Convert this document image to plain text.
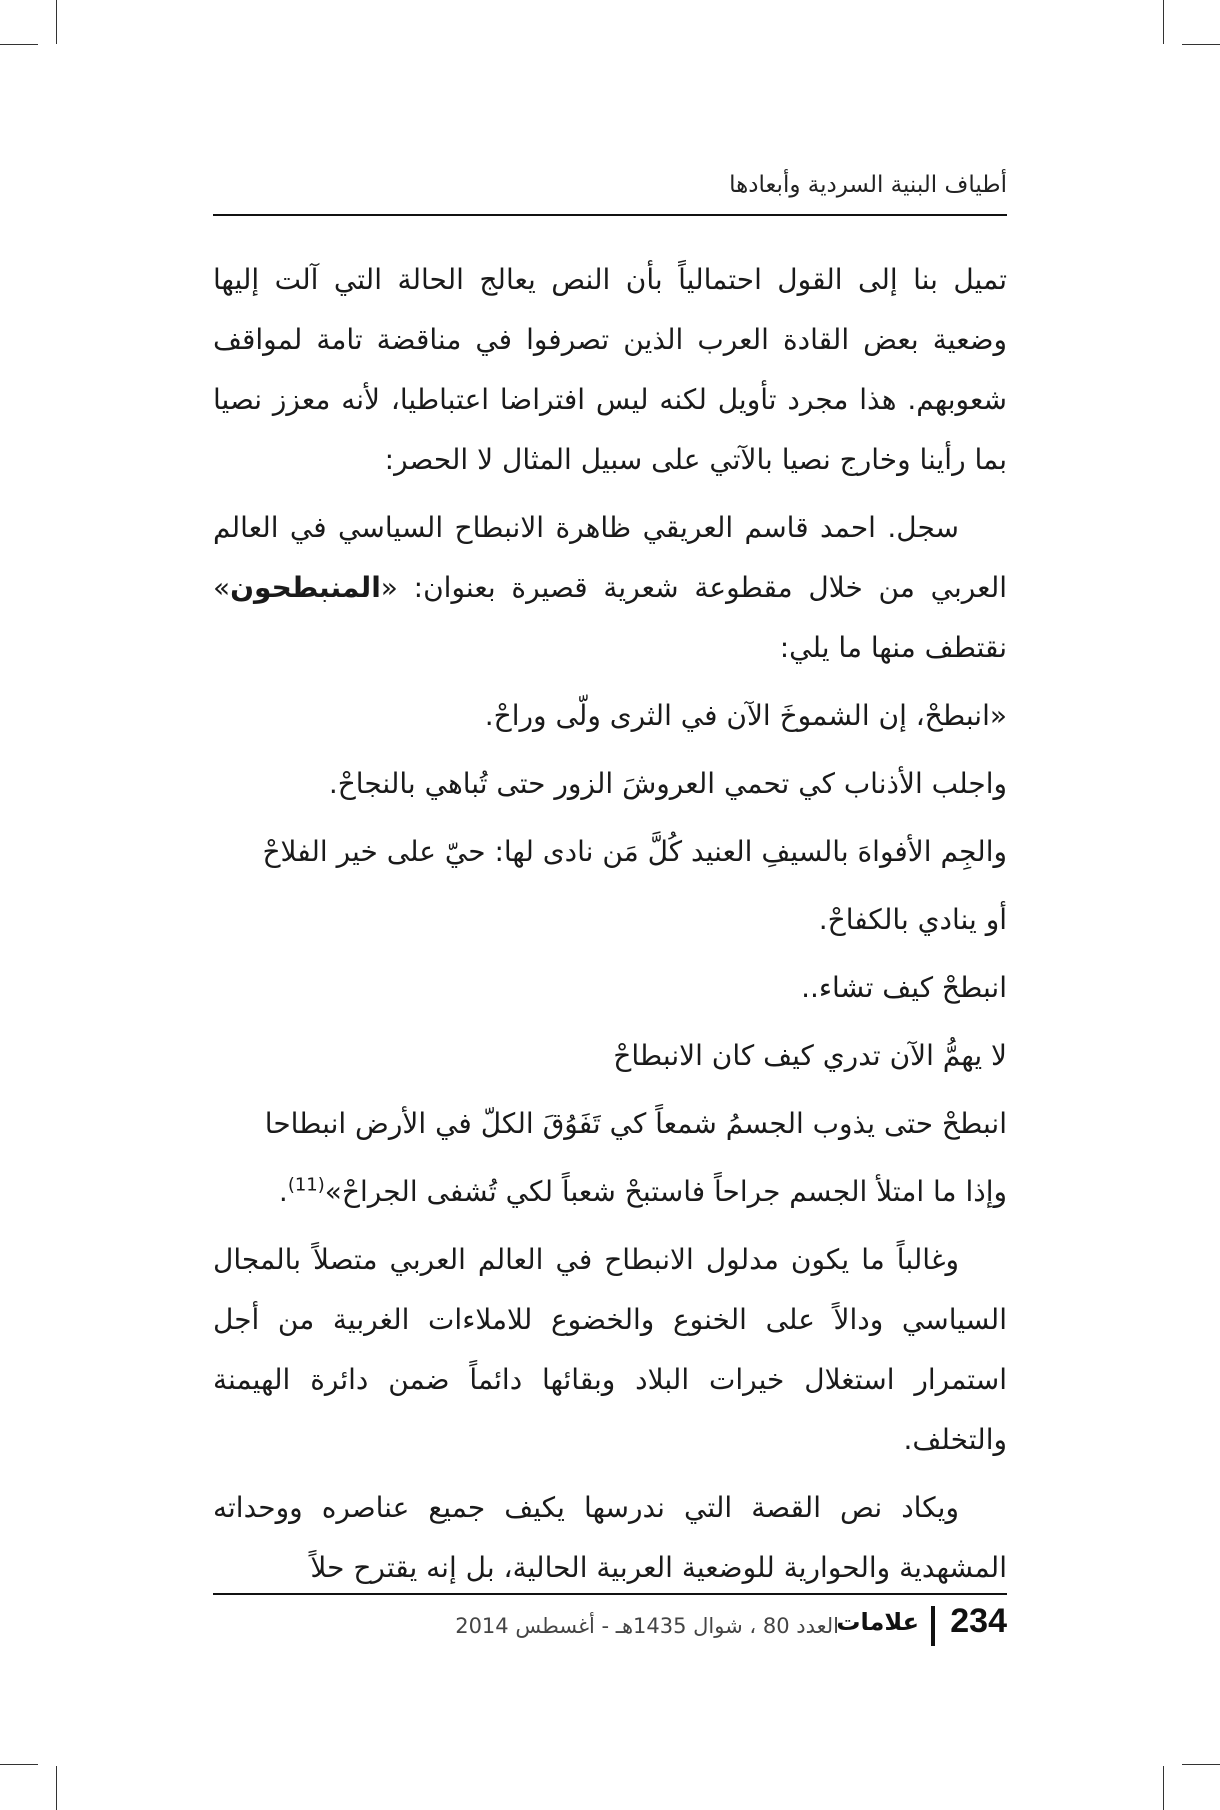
أطياف البنية السردية وأبعادها

تميل بنا إلى القول احتمالياً بأن النص يعالج الحالة التي آلت إليها وضعية بعض القادة العرب الذين تصرفوا في مناقضة تامة لمواقف شعوبهم. هذا مجرد تأويل لكنه ليس افتراضا اعتباطيا، لأنه معزز نصيا بما رأينا وخارج نصيا بالآتي على سبيل المثال لا الحصر:

سجل. احمد قاسم العريقي ظاهرة الانبطاح السياسي في العالم العربي من خلال مقطوعة شعرية قصيرة بعنوان: «المنبطحون» نقتطف منها ما يلي:

«انبطحْ، إن الشموخَ الآن في الثرى ولّى وراحْ.
واجلب الأذناب كي تحمي العروشَ الزور حتى تُباهي بالنجاحْ.
والجِم الأفواهَ بالسيفِ العنيد كُلَّ مَن نادى لها: حيّ على خير الفلاحْ
أو ينادي بالكفاحْ.
انبطحْ كيف تشاء..
لا يهمُّ الآن تدري كيف كان الانبطاحْ
انبطحْ حتى يذوب الجسمُ شمعاً كي تَفَوُقَ الكلّ في الأرض انبطاحا
وإذا ما امتلأ الجسم جراحاً فاستبحْ شعباً لكي تُشفى الجراحْ»$^{(11)}$.

وغالباً ما يكون مدلول الانبطاح في العالم العربي متصلاً بالمجال السياسي ودالاً على الخنوع والخضوع للاملاءات الغربية من أجل استمرار استغلال خيرات البلاد وبقائها دائماً ضمن دائرة الهيمنة والتخلف.

ويكاد نص القصة التي ندرسها يكيف جميع عناصره ووحداته المشهدية والحوارية للوضعية العربية الحالية، بل إنه يقترح حلاً

234
علامات
العدد 80 ، شوال 1435هـ - أغسطس 2014
